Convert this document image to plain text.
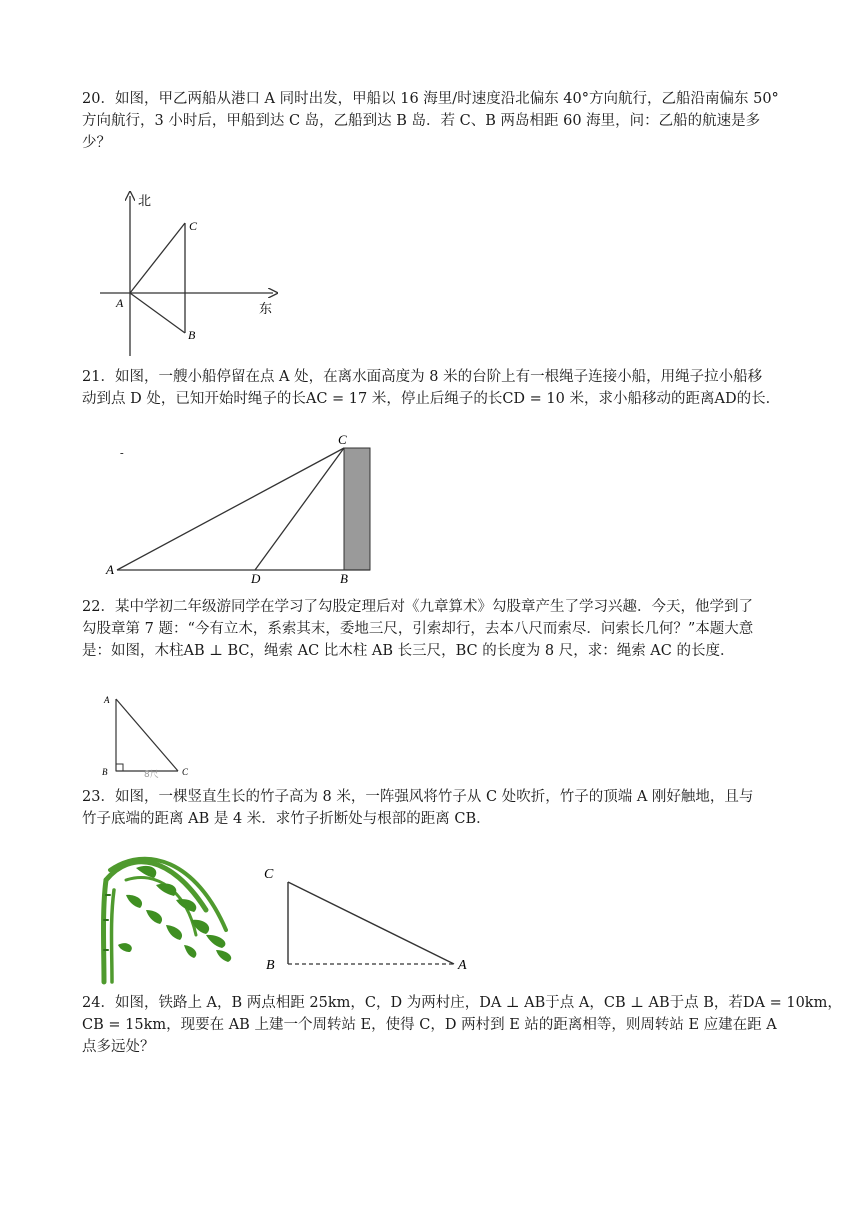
20．如图，甲乙两船从港口 A 同时出发，甲船以 16 海里/时速度沿北偏东 40°方向航行，乙船沿南偏东 50°
方向航行，3 小时后，甲船到达 C 岛，乙船到达 B 岛．若 C、B 两岛相距 60 海里，问：乙船的航速是多
少？
北
东
A
C
B
21．如图，一艘小船停留在点 A 处，在离水面高度为 8 米的台阶上有一根绳子连接小船，用绳子拉小船移
动到点 D 处，已知开始时绳子的长AC = 17 米，停止后绳子的长CD = 10 米，求小船移动的距离AD的长．
-
C
A
D	B
22．某中学初二年级游同学在学习了勾股定理后对《九章算术》勾股章产生了学习兴趣．今天，他学到了
勾股章第 7 题：“今有立木，系索其末，委地三尺，引索却行，去本八尺而索尽．问索长几何？”本题大意
是：如图，木柱AB ⊥ BC，绳索 AC 比木柱 AB 长三尺，BC 的长度为 8 尺，求：绳索 AC 的长度．
A
B	C
8尺
23．如图，一棵竖直生长的竹子高为 8 米，一阵强风将竹子从 C 处吹折，竹子的顶端 A 刚好触地，且与
竹子底端的距离 AB 是 4 米．求竹子折断处与根部的距离 CB．
C
B	A
24．如图，铁路上 A，B 两点相距 25km，C，D 为两村庄，DA ⊥ AB于点 A，CB ⊥ AB于点 B，若DA = 10km，
CB = 15km，现要在 AB 上建一个周转站 E，使得 C，D 两村到 E 站的距离相等，则周转站 E 应建在距 A
点多远处？
